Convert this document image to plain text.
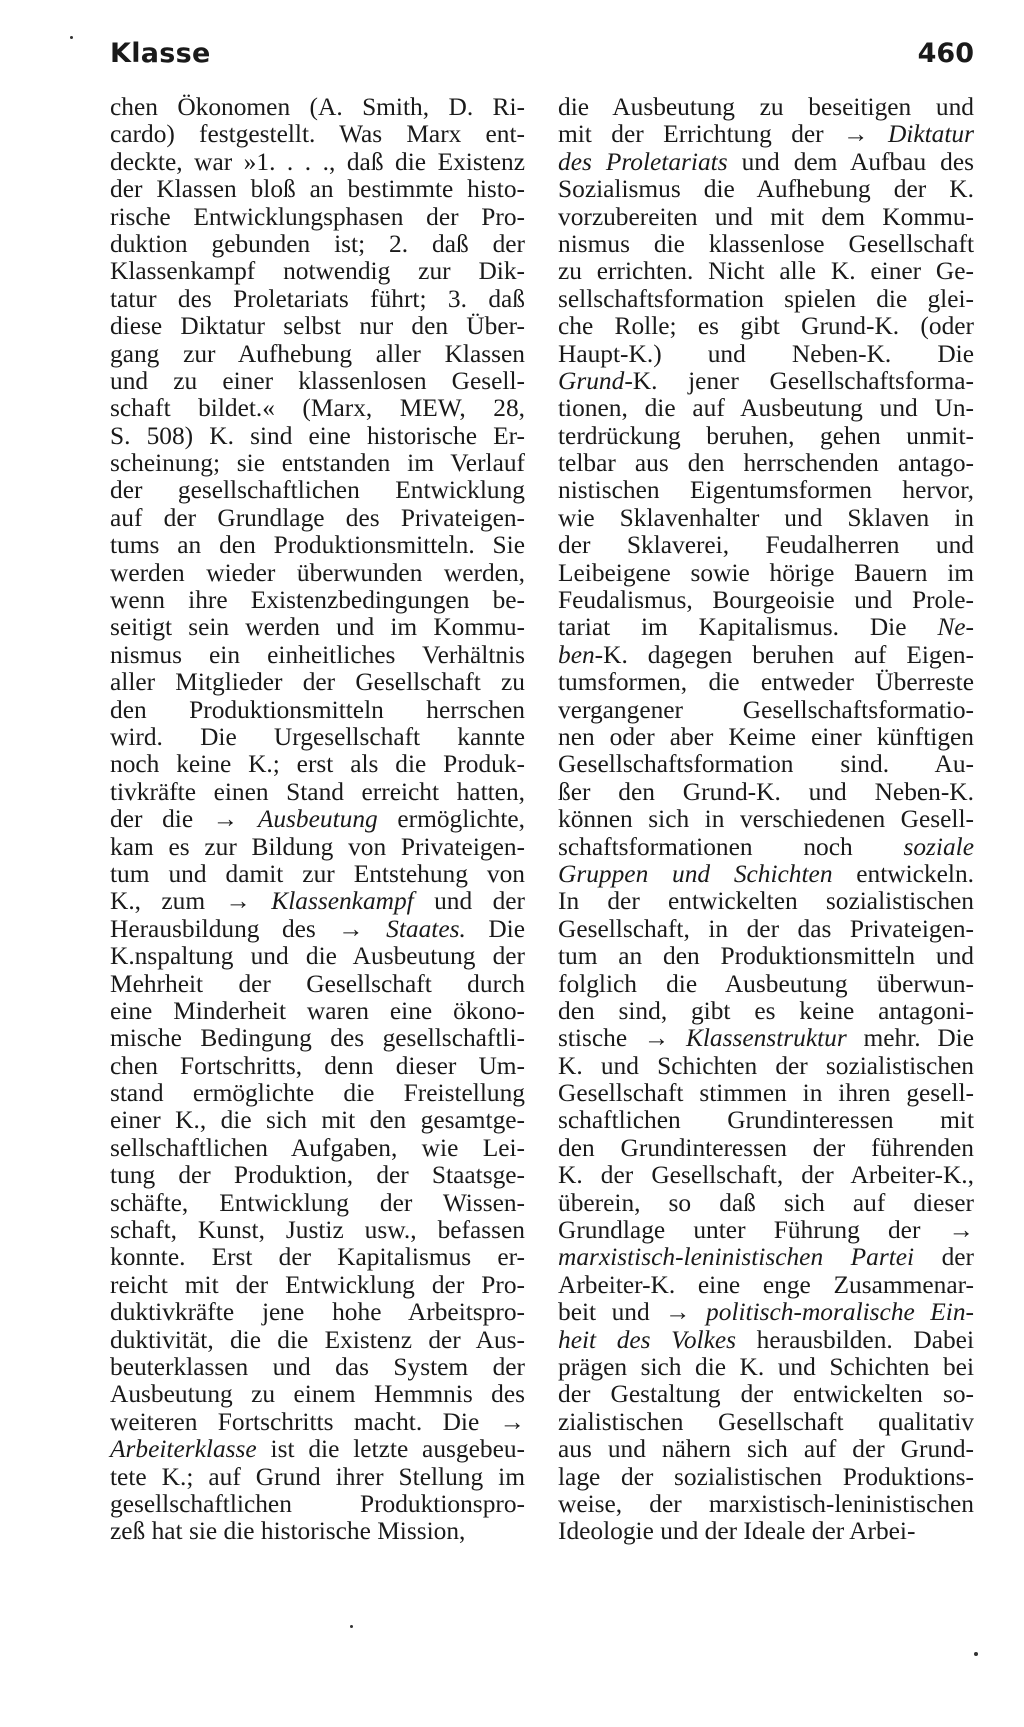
Klasse	460
chen Ökonomen (A. Smith, D. Ri-
cardo) festgestellt. Was Marx ent-
deckte, war »1. . . ., daß die Existenz
der Klassen bloß an bestimmte histo-
rische Entwicklungsphasen der Pro-
duktion gebunden ist; 2. daß der
Klassenkampf notwendig zur Dik-
tatur des Proletariats führt; 3. daß
diese Diktatur selbst nur den Über-
gang zur Aufhebung aller Klassen
und zu einer klassenlosen Gesell-
schaft bildet.« (Marx, MEW, 28,
S. 508) K. sind eine historische Er-
scheinung; sie entstanden im Verlauf
der gesellschaftlichen Entwicklung
auf der Grundlage des Privateigen-
tums an den Produktionsmitteln. Sie
werden wieder überwunden werden,
wenn ihre Existenzbedingungen be-
seitigt sein werden und im Kommu-
nismus ein einheitliches Verhältnis
aller Mitglieder der Gesellschaft zu
den Produktionsmitteln herrschen
wird. Die Urgesellschaft kannte
noch keine K.; erst als die Produk-
tivkräfte einen Stand erreicht hatten,
der die → Ausbeutung ermöglichte,
kam es zur Bildung von Privateigen-
tum und damit zur Entstehung von
K., zum → Klassenkampf und der
Herausbildung des → Staates. Die
K.nspaltung und die Ausbeutung der
Mehrheit der Gesellschaft durch
eine Minderheit waren eine ökono-
mische Bedingung des gesellschaftli-
chen Fortschritts, denn dieser Um-
stand ermöglichte die Freistellung
einer K., die sich mit den gesamtge-
sellschaftlichen Aufgaben, wie Lei-
tung der Produktion, der Staatsge-
schäfte, Entwicklung der Wissen-
schaft, Kunst, Justiz usw., befassen
konnte. Erst der Kapitalismus er-
reicht mit der Entwicklung der Pro-
duktivkräfte jene hohe Arbeitspro-
duktivität, die die Existenz der Aus-
beuterklassen und das System der
Ausbeutung zu einem Hemmnis des
weiteren Fortschritts macht. Die →
Arbeiterklasse ist die letzte ausgebeu-
tete K.; auf Grund ihrer Stellung im
gesellschaftlichen Produktionspro-
zeß hat sie die historische Mission,
die Ausbeutung zu beseitigen und
mit der Errichtung der → Diktatur
des Proletariats und dem Aufbau des
Sozialismus die Aufhebung der K.
vorzubereiten und mit dem Kommu-
nismus die klassenlose Gesellschaft
zu errichten. Nicht alle K. einer Ge-
sellschaftsformation spielen die glei-
che Rolle; es gibt Grund-K. (oder
Haupt-K.) und Neben-K. Die
Grund-K. jener Gesellschaftsforma-
tionen, die auf Ausbeutung und Un-
terdrückung beruhen, gehen unmit-
telbar aus den herrschenden antago-
nistischen Eigentumsformen hervor,
wie Sklavenhalter und Sklaven in
der Sklaverei, Feudalherren und
Leibeigene sowie hörige Bauern im
Feudalismus, Bourgeoisie und Prole-
tariat im Kapitalismus. Die Ne-
ben-K. dagegen beruhen auf Eigen-
tumsformen, die entweder Überreste
vergangener Gesellschaftsformatio-
nen oder aber Keime einer künftigen
Gesellschaftsformation sind. Au-
ßer den Grund-K. und Neben-K.
können sich in verschiedenen Gesell-
schaftsformationen noch soziale
Gruppen und Schichten entwickeln.
In der entwickelten sozialistischen
Gesellschaft, in der das Privateigen-
tum an den Produktionsmitteln und
folglich die Ausbeutung überwun-
den sind, gibt es keine antagoni-
stische → Klassenstruktur mehr. Die
K. und Schichten der sozialistischen
Gesellschaft stimmen in ihren gesell-
schaftlichen Grundinteressen mit
den Grundinteressen der führenden
K. der Gesellschaft, der Arbeiter-K.,
überein, so daß sich auf dieser
Grundlage unter Führung der →
marxistisch-leninistischen Partei der
Arbeiter-K. eine enge Zusammenar-
beit und → politisch-moralische Ein-
heit des Volkes herausbilden. Dabei
prägen sich die K. und Schichten bei
der Gestaltung der entwickelten so-
zialistischen Gesellschaft qualitativ
aus und nähern sich auf der Grund-
lage der sozialistischen Produktions-
weise, der marxistisch-leninistischen
Ideologie und der Ideale der Arbei-
